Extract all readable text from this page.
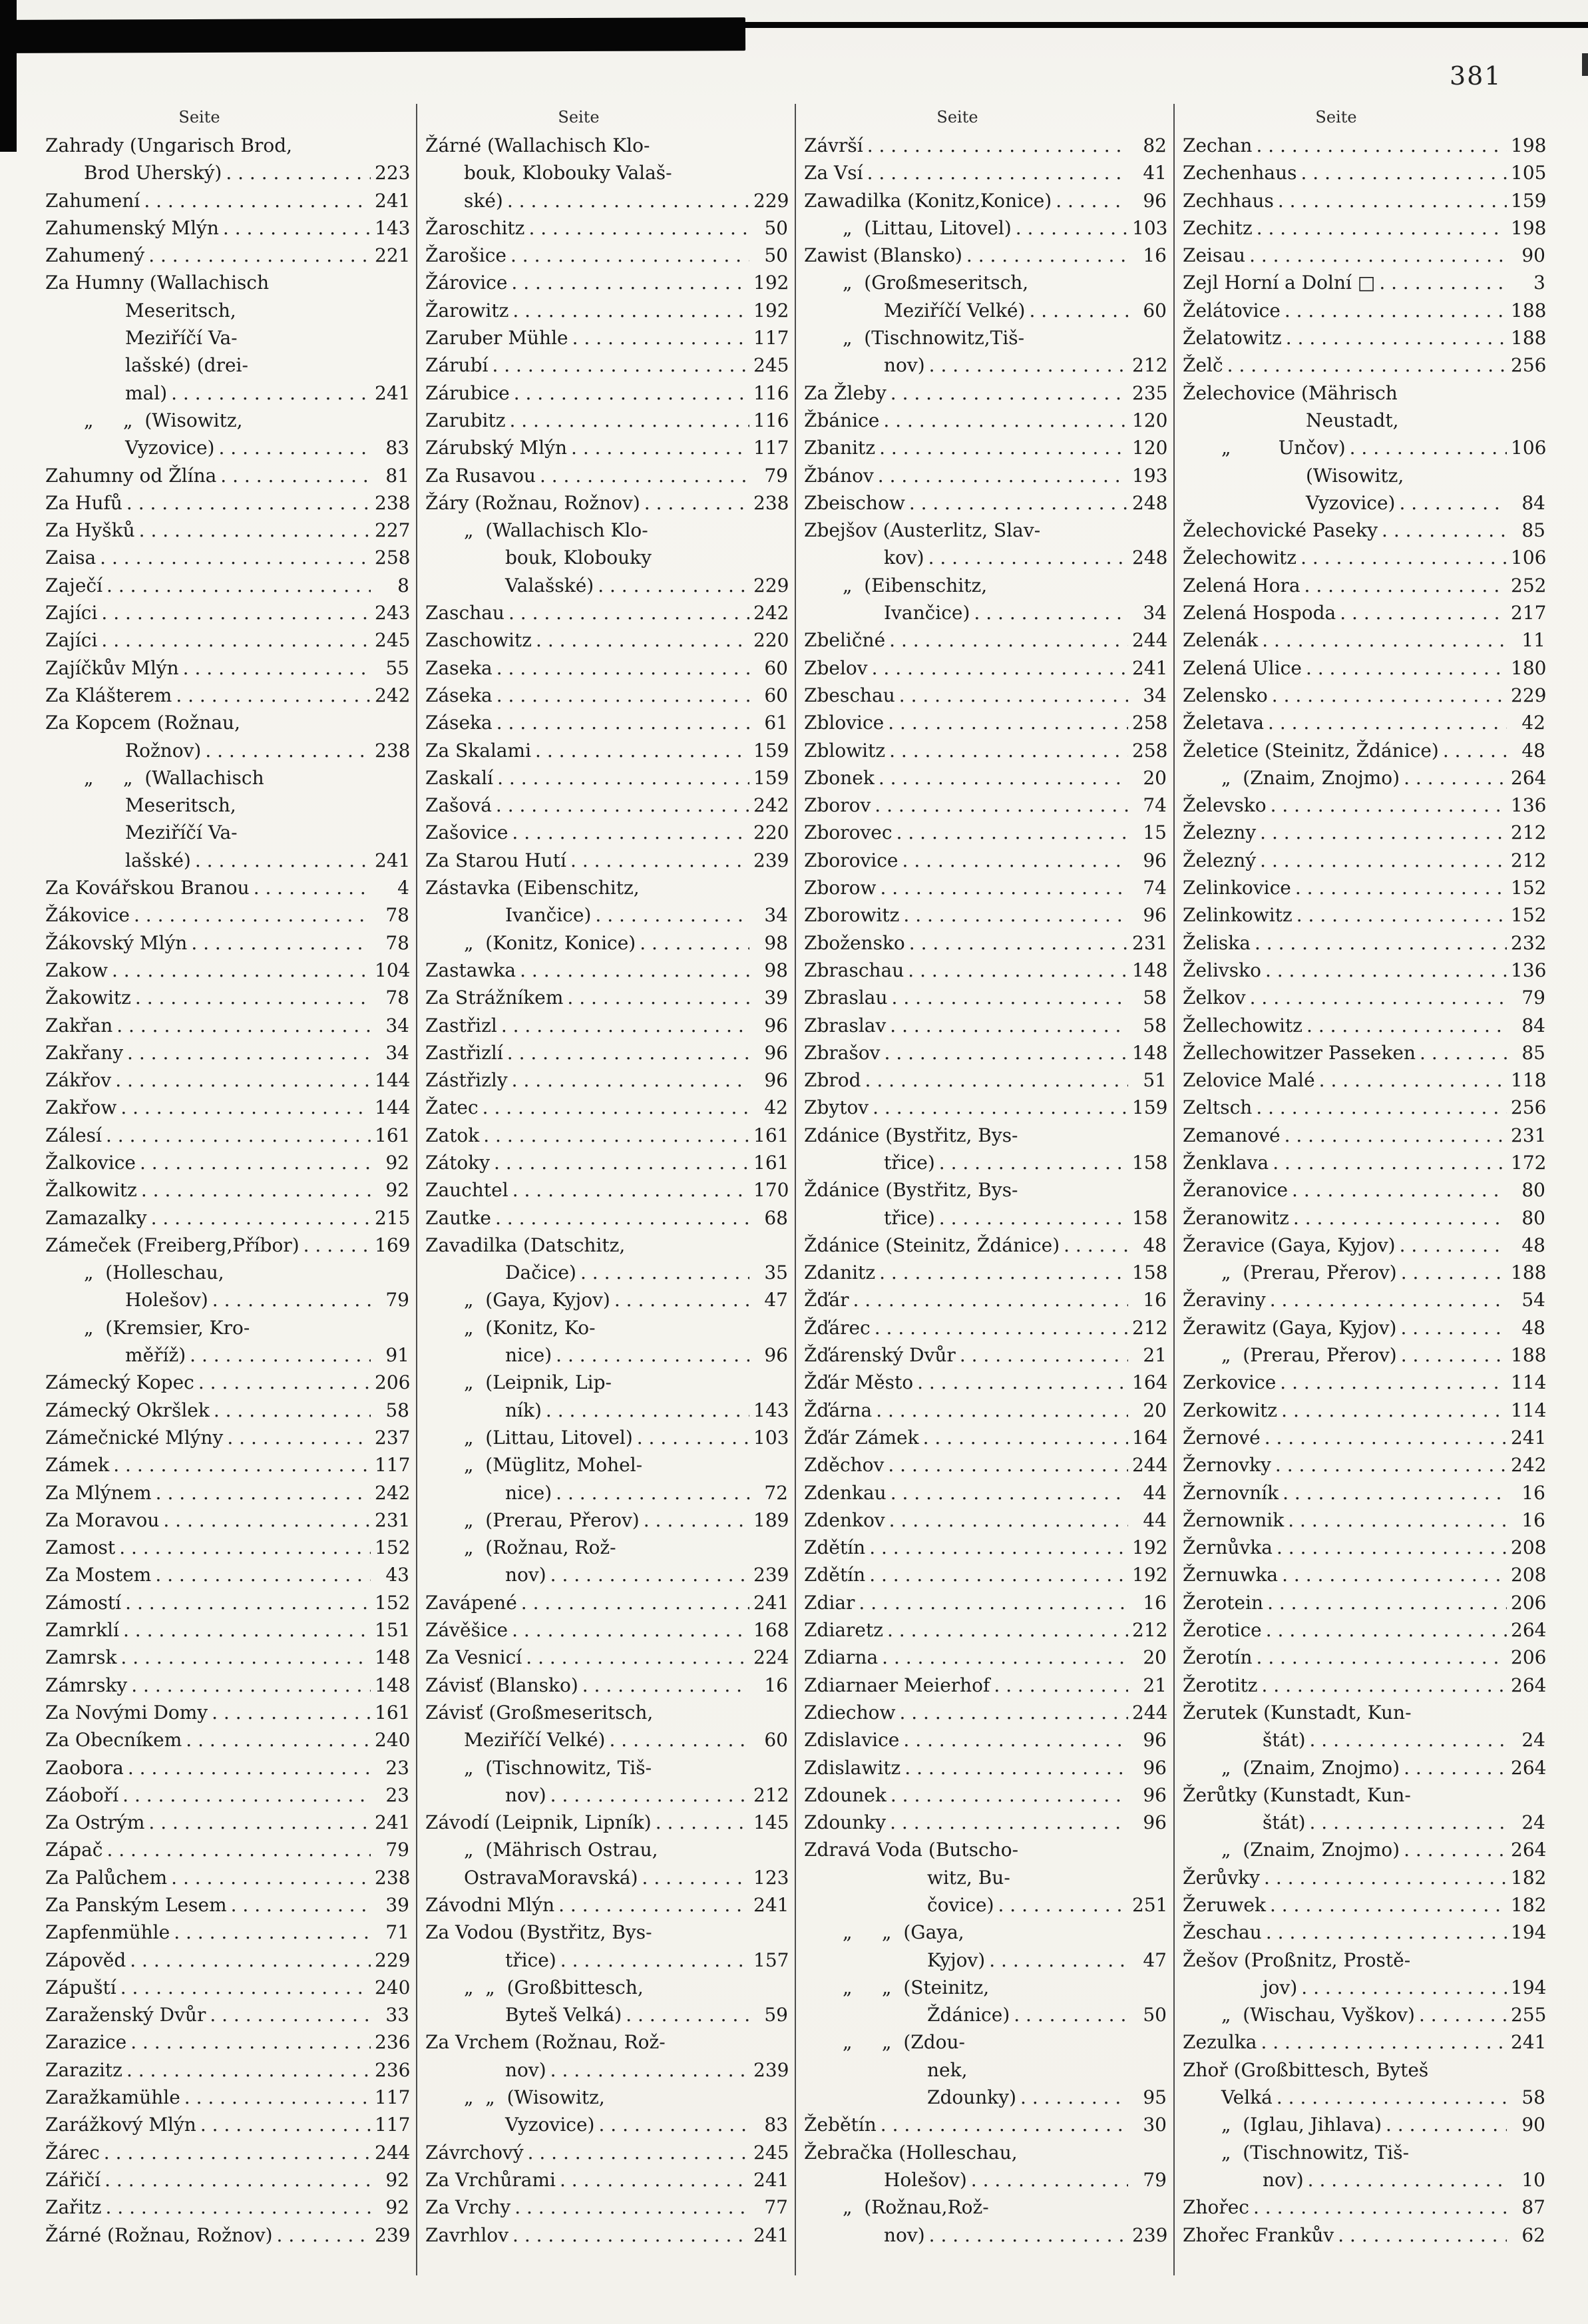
381
Seite
Zahrady (Ungarisch Brod,
Brod Uherský) . . .	223
Zahumení . . .	241
Zahumenský Mlýn . . .	143
Zahumený . . .	221
Za Humny (Wallachisch
Meseritsch,
Meziříčí Va-
lašské) (drei-
mal) . . .	241
„     „  (Wisowitz,
Vyzovice) . . .	83
Zahumny od Žlína . . .	81
Za Hufů . . .	238
Za Hyšků . . .	227
Zaisa . . .	258
Zaječí . . .	8
Zajíci . . .	243
Zajíci . . .	245
Zajíčkův Mlýn . . .	55
Za Klášterem . . .	242
Za Kopcem (Rožnau,
Rožnov) . . .	238
„     „  (Wallachisch
Meseritsch,
Meziříčí Va-
lašské) . . .	241
Za Kovářskou Branou . . .	4
Žákovice . . .	78
Žákovský Mlýn . . .	78
Zakow . . .	104
Žakowitz . . .	78
Zakřan . . .	34
Zakřany . . .	34
Zákřov . . .	144
Zakřow . . .	144
Zálesí . . .	161
Žalkovice . . .	92
Žalkowitz . . .	92
Zamazalky . . .	215
Zámeček (Freiberg,Příbor) . . .	169
„  (Holleschau,
Holešov) . . .	79
„  (Kremsier, Kro-
měříž) . . .	91
Zámecký Kopec . . .	206
Zámecký Okršlek . . .	58
Zámečnické Mlýny . . .	237
Zámek . . .	117
Za Mlýnem . . .	242
Za Moravou . . .	231
Zamost . . .	152
Za Mostem . . .	43
Zámostí . . .	152
Zamrklí . . .	151
Zamrsk . . .	148
Zámrsky . . .	148
Za Novými Domy . . .	161
Za Obecníkem . . .	240
Zaobora . . .	23
Záoboří . . .	23
Za Ostrým . . .	241
Zápač . . .	79
Za Palůchem . . .	238
Za Panským Lesem . . .	39
Zapfenmühle . . .	71
Zápověd . . .	229
Zápuští . . .	240
Zaraženský Dvůr . . .	33
Zarazice . . .	236
Zarazitz . . .	236
Zaražkamühle . . .	117
Zarážkový Mlýn . . .	117
Žárec . . .	244
Zářičí . . .	92
Zařitz . . .	92
Žárné (Rožnau, Rožnov) . . .	239
Seite
Žárné (Wallachisch Klo-
bouk, Klobouky Valaš-
ské) . . .	229
Žaroschitz . . .	50
Žarošice . . .	50
Žárovice . . .	192
Žarowitz . . .	192
Zaruber Mühle . . .	117
Zárubí . . .	245
Zárubice . . .	116
Zarubitz . . .	116
Zárubský Mlýn . . .	117
Za Rusavou . . .	79
Žáry (Rožnau, Rožnov) . . .	238
„  (Wallachisch Klo-
bouk, Klobouky
Valašské) . . .	229
Zaschau . . .	242
Zaschowitz . . .	220
Zaseka . . .	60
Záseka . . .	60
Záseka . . .	61
Za Skalami . . .	159
Zaskalí . . .	159
Zašová . . .	242
Zašovice . . .	220
Za Starou Hutí . . .	239
Zástavka (Eibenschitz,
Ivančice) . . .	34
„  (Konitz, Konice) . . .	98
Zastawka . . .	98
Za Strážníkem . . .	39
Zastřizl . . .	96
Zastřizlí . . .	96
Zástřizly . . .	96
Žatec . . .	42
Zatok . . .	161
Zátoky . . .	161
Zauchtel . . .	170
Zautke . . .	68
Zavadilka (Datschitz,
Dačice) . . .	35
„  (Gaya, Kyjov) . . .	47
„  (Konitz, Ko-
nice) . . .	96
„  (Leipnik, Lip-
ník) . . .	143
„  (Littau, Litovel) . . .	103
„  (Müglitz, Mohel-
nice) . . .	72
„  (Prerau, Přerov) . . .	189
„  (Rožnau, Rož-
nov) . . .	239
Zavápené . . .	241
Závěšice . . .	168
Za Vesnicí . . .	224
Závisť (Blansko) . . .	16
Závisť (Großmeseritsch,
Meziříčí Velké) . . .	60
„  (Tischnowitz, Tiš-
nov) . . .	212
Závodí (Leipnik, Lipník) . . .	145
„  (Mährisch Ostrau,
OstravaMoravská) . . .	123
Závodni Mlýn . . .	241
Za Vodou (Bystřitz, Bys-
třice) . . .	157
„  „  (Großbittesch,
Byteš Velká) . . .	59
Za Vrchem (Rožnau, Rož-
nov) . . .	239
„  „  (Wisowitz,
Vyzovice) . . .	83
Závrchový . . .	245
Za Vrchůrami . . .	241
Za Vrchy . . .	77
Zavrhlov . . .	241
Seite
Závrší . . .	82
Za Vsí . . .	41
Zawadilka (Konitz,Konice) . . .	96
„  (Littau, Litovel) . . .	103
Zawist (Blansko) . . .	16
„  (Großmeseritsch,
Meziříčí Velké) . . .	60
„  (Tischnowitz,Tiš-
nov) . . .	212
Za Žleby . . .	235
Žbánice . . .	120
Zbanitz . . .	120
Žbánov . . .	193
Zbeischow . . .	248
Zbejšov (Austerlitz, Slav-
kov) . . .	248
„  (Eibenschitz,
Ivančice) . . .	34
Zbeličné . . .	244
Zbelov . . .	241
Zbeschau . . .	34
Zblovice . . .	258
Zblowitz . . .	258
Zbonek . . .	20
Zborov . . .	74
Zborovec . . .	15
Zborovice . . .	96
Zborow . . .	74
Zborowitz . . .	96
Zbožensko . . .	231
Zbraschau . . .	148
Zbraslau . . .	58
Zbraslav . . .	58
Zbrašov . . .	148
Zbrod . . .	51
Zbytov . . .	159
Zdánice (Bystřitz, Bys-
třice) . . .	158
Ždánice (Bystřitz, Bys-
třice) . . .	158
Ždánice (Steinitz, Ždánice) . . .	48
Zdanitz . . .	158
Žďár . . .	16
Žďárec . . .	212
Žďárenský Dvůr . . .	21
Žďár Město . . .	164
Žďárna . . .	20
Žďár Zámek . . .	164
Zděchov . . .	244
Zdenkau . . .	44
Zdenkov . . .	44
Zdětín . . .	192
Zdětín . . .	192
Zdiar . . .	16
Zdiaretz . . .	212
Zdiarna . . .	20
Zdiarnaer Meierhof . . .	21
Zdiechow . . .	244
Zdislavice . . .	96
Zdislawitz . . .	96
Zdounek . . .	96
Zdounky . . .	96
Zdravá Voda (Butscho-
witz, Bu-
čovice) . . .	251
„     „  (Gaya,
Kyjov) . . .	47
„     „  (Steinitz,
Ždánice) . . .	50
„     „  (Zdou-
nek,
Zdounky) . . .	95
Žebětín . . .	30
Žebračka (Holleschau,
Holešov) . . .	79
„  (Rožnau,Rož-
nov) . . .	239
Seite
Zechan . . .	198
Zechenhaus . . .	105
Zechhaus . . .	159
Zechitz . . .	198
Zeisau . . .	90
Zejl Horní a Dolní □ . . .	3
Želátovice . . .	188
Želatowitz . . .	188
Želč . . .	256
Želechovice (Mährisch
Neustadt,
„        Unčov) . . .	106
(Wisowitz,
Vyzovice) . . .	84
Želechovické Paseky . . .	85
Želechowitz . . .	106
Zelená Hora . . .	252
Zelená Hospoda . . .	217
Zelenák . . .	11
Zelená Ulice . . .	180
Zelensko . . .	229
Želetava . . .	42
Želetice (Steinitz, Ždánice) . . .	48
„  (Znaim, Znojmo) . . .	264
Želevsko . . .	136
Železny . . .	212
Železný . . .	212
Zelinkovice . . .	152
Zelinkowitz . . .	152
Želiska . . .	232
Želivsko . . .	136
Želkov . . .	79
Žellechowitz . . .	84
Žellechowitzer Passeken . . .	85
Zelovice Malé . . .	118
Zeltsch . . .	256
Zemanové . . .	231
Ženklava . . .	172
Žeranovice . . .	80
Žeranowitz . . .	80
Žeravice (Gaya, Kyjov) . . .	48
„  (Prerau, Přerov) . . .	188
Žeraviny . . .	54
Žerawitz (Gaya, Kyjov) . . .	48
„  (Prerau, Přerov) . . .	188
Zerkovice . . .	114
Zerkowitz . . .	114
Žernové . . .	241
Žernovky . . .	242
Žernovník . . .	16
Žernownik . . .	16
Žernůvka . . .	208
Žernuwka . . .	208
Žerotein . . .	206
Žerotice . . .	264
Žerotín . . .	206
Žerotitz . . .	264
Žerutek (Kunstadt, Kun-
štát) . . .	24
„  (Znaim, Znojmo) . . .	264
Žerůtky (Kunstadt, Kun-
štát) . . .	24
„  (Znaim, Znojmo) . . .	264
Žerůvky . . .	182
Žeruwek . . .	182
Žeschau . . .	194
Žešov (Proßnitz, Prostě-
jov) . . .	194
„  (Wischau, Vyškov) . . .	255
Zezulka . . .	241
Zhoř (Großbittesch, Byteš
Velká . . .	58
„  (Iglau, Jihlava) . . .	90
„  (Tischnowitz, Tiš-
nov) . . .	10
Zhořec . . .	87
Zhořec Frankův . . .	62
